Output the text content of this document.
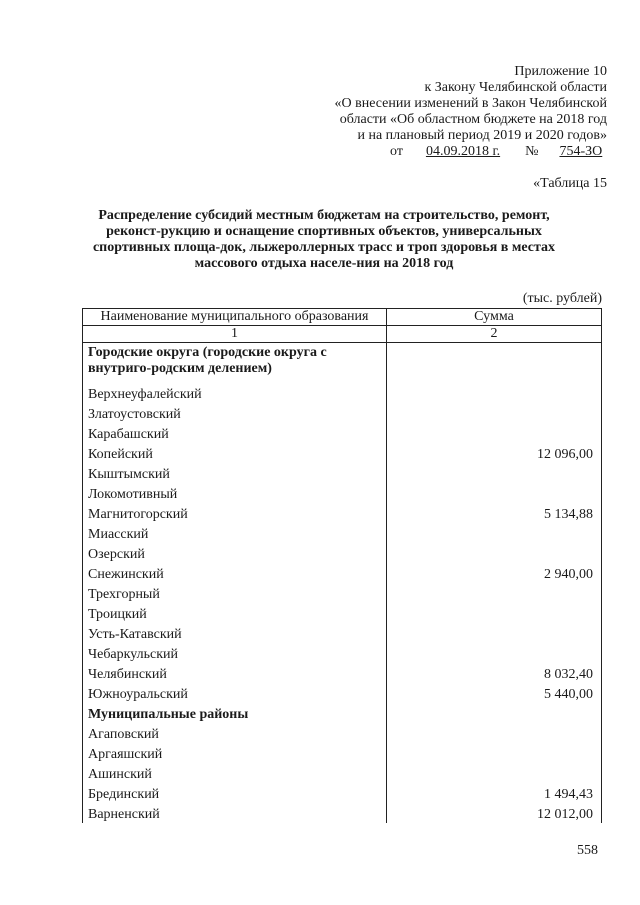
Приложение 10
к Закону Челябинской области
«О внесении изменений в Закон Челябинской
области «Об областном бюджете на 2018 год
и на плановый период 2019 и 2020 годов»
от 04.09.2018 г. № 754-ЗО
«Таблица 15
Распределение субсидий местным бюджетам на строительство, ремонт, реконст-рукцию и оснащение спортивных объектов, универсальных спортивных площа-док, лыжероллерных трасс и троп здоровья в местах массового отдыха населе-ния на 2018 год
(тыс. рублей)
Наименование муниципального образования	Сумма
1	2
Городские округа (городские округа с внутриго-родским делением)	
Верхнеуфалейский	
Златоустовский	
Карабашский	
Копейский	12 096,00
Кыштымский	
Локомотивный	
Магнитогорский	5 134,88
Миасский	
Озерский	
Снежинский	2 940,00
Трехгорный	
Троицкий	
Усть-Катавский	
Чебаркульский	
Челябинский	8 032,40
Южноуральский	5 440,00
Муниципальные районы	
Агаповский	
Аргаяшский	
Ашинский	
Брединский	1 494,43
Варненский	12 012,00
558
